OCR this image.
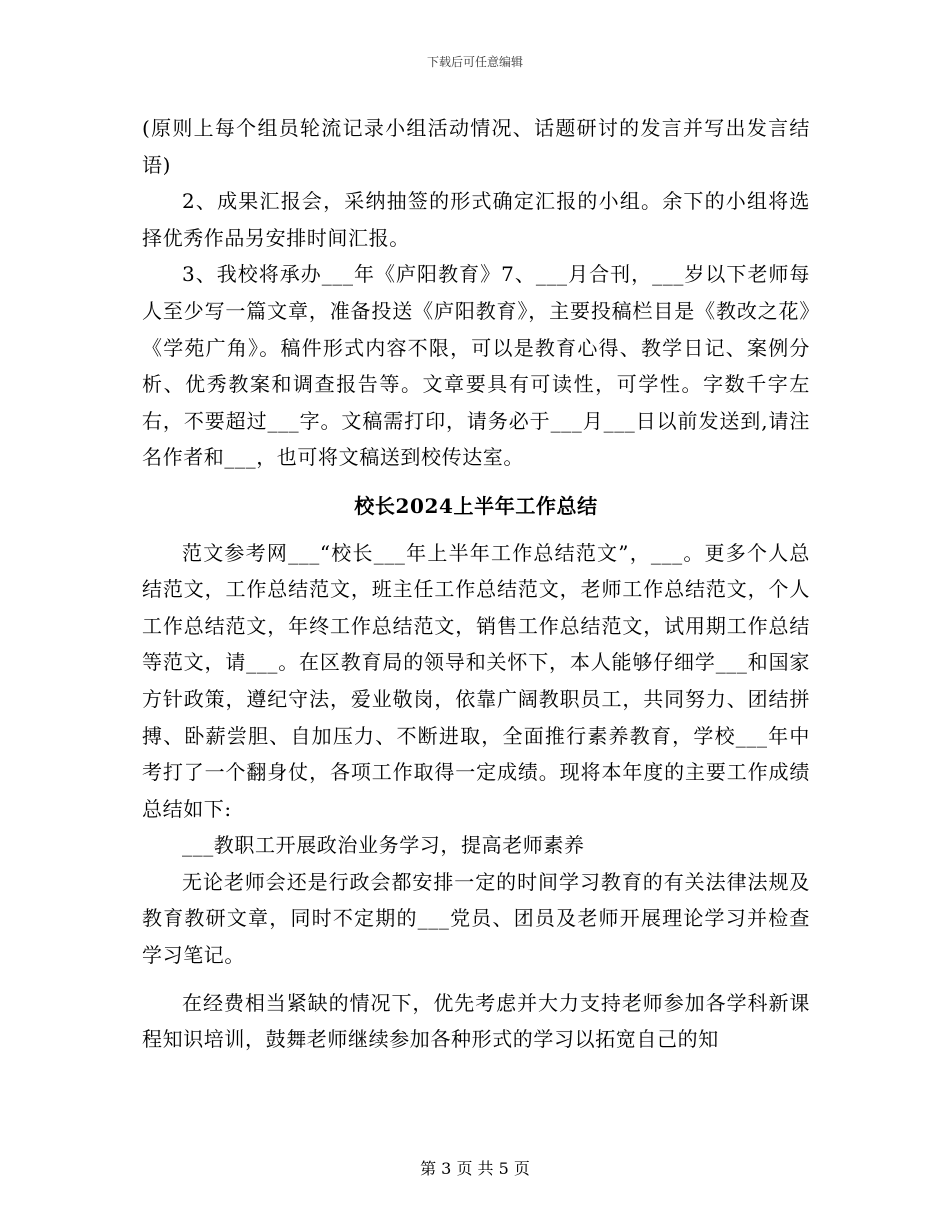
下载后可任意编辑

(原则上每个组员轮流记录小组活动情况、话题研讨的发言并写出发言结语)

2、成果汇报会，采纳抽签的形式确定汇报的小组。余下的小组将选择优秀作品另安排时间汇报。

3、我校将承办___年《庐阳教育》7、___月合刊，___岁以下老师每人至少写一篇文章，准备投送《庐阳教育》，主要投稿栏目是《教改之花》《学苑广角》。稿件形式内容不限，可以是教育心得、教学日记、案例分析、优秀教案和调查报告等。文章要具有可读性，可学性。字数千字左右，不要超过___字。文稿需打印，请务必于___月___日以前发送到,请注名作者和___，也可将文稿送到校传达室。

校长2024上半年工作总结

范文参考网___“校长___年上半年工作总结范文”，___。更多个人总结范文，工作总结范文，班主任工作总结范文，老师工作总结范文，个人工作总结范文，年终工作总结范文，销售工作总结范文，试用期工作总结等范文，请___。在区教育局的领导和关怀下，本人能够仔细学___和国家方针政策，遵纪守法，爱业敬岗，依靠广阔教职员工，共同努力、团结拼搏、卧薪尝胆、自加压力、不断进取，全面推行素养教育，学校___年中考打了一个翻身仗，各项工作取得一定成绩。现将本年度的主要工作成绩总结如下:

___教职工开展政治业务学习，提高老师素养

无论老师会还是行政会都安排一定的时间学习教育的有关法律法规及教育教研文章，同时不定期的___党员、团员及老师开展理论学习并检查学习笔记。

在经费相当紧缺的情况下，优先考虑并大力支持老师参加各学科新课程知识培训，鼓舞老师继续参加各种形式的学习以拓宽自己的知

第 3 页 共 5 页
